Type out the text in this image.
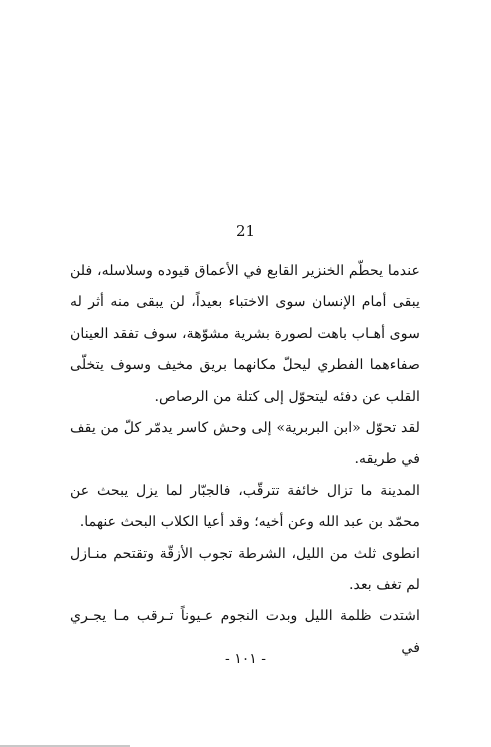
21

عندما يحطّم الخنزير القابع في الأعماق قيوده وسلاسله، فلن يبقى أمام الإنسان سوى الاختباء بعيداً، لن يبقى منه أثر له سوى أهـاب باهت لصورة بشرية مشوّهة، سوف تفقد العينان صفاءهما الفطري ليحلّ مكانهما بريق مخيف وسوف يتخلّى القلب عن دفئه ليتحوّل إلى كتلة من الرصاص.

لقد تحوّل «ابن البربرية» إلى وحش كاسر يدمّر كلّ من يقف في طريقه.

المدينة ما تزال خائفة تترقّب، فالجبّار لما يزل يبحث عن محمّد بن عبد الله وعن أخيه؛ وقد أعيا الكلاب البحث عنهما.

انطوى ثلث من الليل، الشرطة تجوب الأزقّة وتقتحم منـازل لم تغف بعد.

اشتدت ظلمة الليل وبدت النجوم عـيوناً تـرقب مـا يجـري في

- ١٠١ -
